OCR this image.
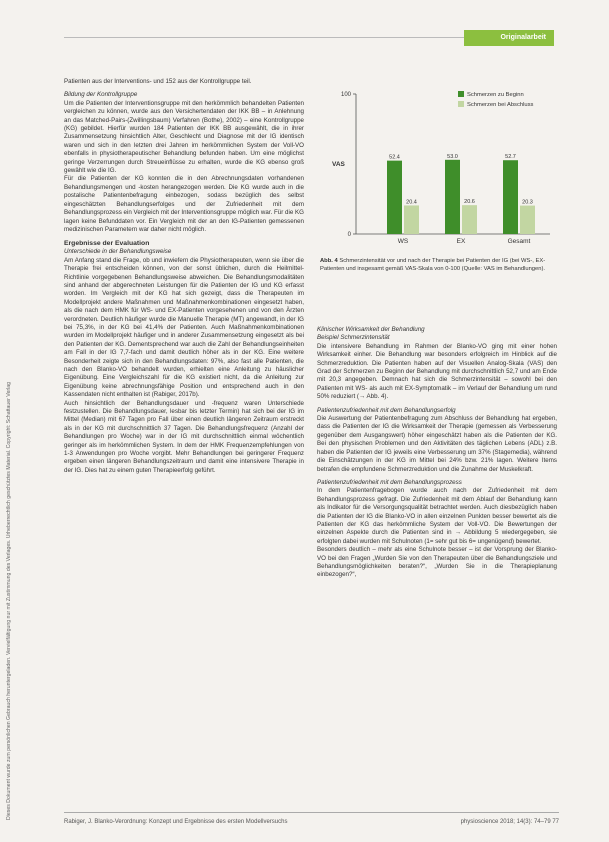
Dieses Dokument wurde zum persönlichen Gebrauch heruntergeladen. Vervielfältigung nur mit Zustimmung des Verlages. Urheberrechtlich geschütztes Material. Copyright: Schattauer Verlag
Originalarbeit

Patienten aus der Interventions- und 152 aus der Kontrollgruppe teil.

Bildung der Kontrollgruppe

Um die Patienten der Interventionsgruppe mit den herkömmlich behandelten Patienten vergleichen zu können, wurde aus den Versichertendaten der IKK BB – in Anlehnung an das Matched-Pairs-(Zwillingsbaum) Verfahren (Bothe), 2002) – eine Kontrollgruppe (KG) gebildet. Hierfür wurden 184 Patienten der IKK BB ausgewählt, die in ihrer Zusammensetzung hinsichtlich Alter, Geschlecht und Diagnose mit der IG identisch waren und sich in den letzten drei Jahren im herkömmlichen System der Voll-VO ebenfalls in physiotherapeutischer Behandlung befunden haben. Um eine möglichst geringe Verzerrungen durch Streueinflüsse zu erhalten, wurde die KG ebenso groß gewählt wie die IG.

Für die Patienten der KG konnten die in den Abrechnungsdaten vorhandenen Behandlungsmengen und -kosten herangezogen werden. Die KG wurde auch in die postalische Patientenbefragung einbezogen, sodass bezüglich des selbst eingeschätzten Behandlungserfolges und der Zufriedenheit mit dem Behandlungsprozess ein Vergleich mit der Interventionsgruppe möglich war. Für die KG lagen keine Befunddaten vor. Ein Vergleich mit der an den IG-Patienten gemessenen medizinischen Parametern war daher nicht möglich.

Ergebnisse der Evaluation

Unterschiede in der Behandlungsweise

Am Anfang stand die Frage, ob und inwiefern die Physiotherapeuten, wenn sie über die Therapie frei entscheiden können, von der sonst üblichen, durch die Heilmittel-Richtlinie vorgegebenen Behandlungsweise abweichen. Die Behandlungsmodalitäten sind anhand der abgerechneten Leistungen für die Patienten der IG und KG erfasst worden. Im Vergleich mit der KG hat sich gezeigt, dass die Therapeuten im Modellprojekt andere Maßnahmen und Maßnahmenkombinationen eingesetzt haben, als die nach dem HMK für WS- und EX-Patienten vorgesehenen und von den Ärzten verordneten. Deutlich häufiger wurde die Manuelle Therapie (MT) angewandt, in der IG bei 75,3%, in der KG bei 41,4% der Patienten. Auch Maßnahmenkombinationen wurden im Modellprojekt häufiger und in anderer Zusammensetzung eingesetzt als bei den Patienten der KG. Dementsprechend war auch die Zahl der Behandlungseinheiten am Fall in der IG 7,7-fach und damit deutlich höher als in der KG. Eine weitere Besonderheit zeigte sich in den Behandlungsdaten: 97%, also fast alle Patienten, die nach den Blanko-VO behandelt wurden, erhielten eine Anleitung zu häuslicher Eigenübung. Eine Vergleichszahl für die KG existiert nicht, da die Anleitung zur Eigenübung keine abrechnungsfähige Position und entsprechend auch in den Kassendaten nicht enthalten ist (Rabiger, 2017b).

Auch hinsichtlich der Behandlungsdauer und -frequenz waren Unterschiede festzustellen. Die Behandlungsdauer, lesbar bis letzter Termin) hat sich bei der IG im Mittel (Median) mit 67 Tagen pro Fall über einen deutlich längeren Zeitraum erstreckt als in der KG mit durchschnittlich 37 Tagen. Die Behandlungsfrequenz (Anzahl der Behandlungen pro Woche) war in der IG mit durchschnittlich einmal wöchentlich geringer als im herkömmlichen System. In dem der HMK Frequenzempfehlungen von 1-3 Anwendungen pro Woche vorgibt. Mehr Behandlungen bei geringerer Frequenz ergeben einen längeren Behandlungszeitraum und damit eine intensivere Therapie in der IG. Dies hat zu einem guten Therapieerfolg geführt.

100
0
VAS
52.4
20.4
WS
53.0
20.6
EX
52.7
20.3
Gesamt
Schmerzen zu Beginn
Schmerzen bei Abschluss
Abb. 4 Schmerzintensität vor und nach der Therapie bei Patienten der IG (bei WS-, EX-Patienten und insgesamt gemäß VAS-Skala von 0-100 (Quelle: VAS im Behandlungen).

Klinischer Wirksamkeit der Behandlung

Beispiel Schmerzintensität

Die intensivere Behandlung im Rahmen der Blanko-VO ging mit einer hohen Wirksamkeit einher. Die Behandlung war besonders erfolgreich im Hinblick auf die Schmerzreduktion. Die Patienten haben auf der Visuellen Analog-Skala (VAS) den Grad der Schmerzen zu Beginn der Behandlung mit durchschnittlich 52,7 und am Ende mit 20,3 angegeben. Demnach hat sich die Schmerzintensität – sowohl bei den Patienten mit WS- als auch mit EX-Symptomatik – im Verlauf der Behandlung um rund 50% reduziert (→ Abb. 4).

Patientenzufriedenheit mit dem Behandlungserfolg

Die Auswertung der Patientenbefragung zum Abschluss der Behandlung hat ergeben, dass die Patienten der IG die Wirksamkeit der Therapie (gemessen als Verbesserung gegenüber dem Ausgangswert) höher eingeschätzt haben als die Patienten der KG. Bei den physischen Problemen und den Aktivitäten des täglichen Lebens (ADL) z.B. haben die Patienten der IG jeweils eine Verbesserung um 37% (Stagemedia), während die Einschätzungen in der KG im Mittel bei 24% bzw. 21% lagen. Weitere Items betrafen die empfundene Schmerzreduktion und die Zunahme der Muskelkraft.

Patientenzufriedenheit mit dem Behandlungsprozess

In dem Patientenfragebogen wurde auch nach der Zufriedenheit mit dem Behandlungsprozess gefragt. Die Zufriedenheit mit dem Ablauf der Behandlung kann als Indikator für die Versorgungsqualität betrachtet werden. Auch diesbezüglich haben die Patienten der IG die Blanko-VO in allen einzelnen Punkten besser bewertet als die Patienten der KG das herkömmliche System der Voll-VO. Die Bewertungen der einzelnen Aspekte durch die Patienten sind in → Abbildung 5 wiedergegeben, sie erfolgten dabei wurden mit Schulnoten (1= sehr gut bis 6= ungenügend) bewertet.

Besonders deutlich – mehr als eine Schulnote besser – ist der Vorsprung der Blanko-VO bei den Fragen „Wurden Sie von den Therapeuten über die Behandlungsziele und Behandlungsmöglichkeiten beraten?“, „Wurden Sie in die Therapieplanung einbezogen?“,

Rabiger, J. Blanko-Verordnung: Konzept und Ergebnisse des ersten Modellversuchs	physioscience 2018; 14(3): 74–79 77
